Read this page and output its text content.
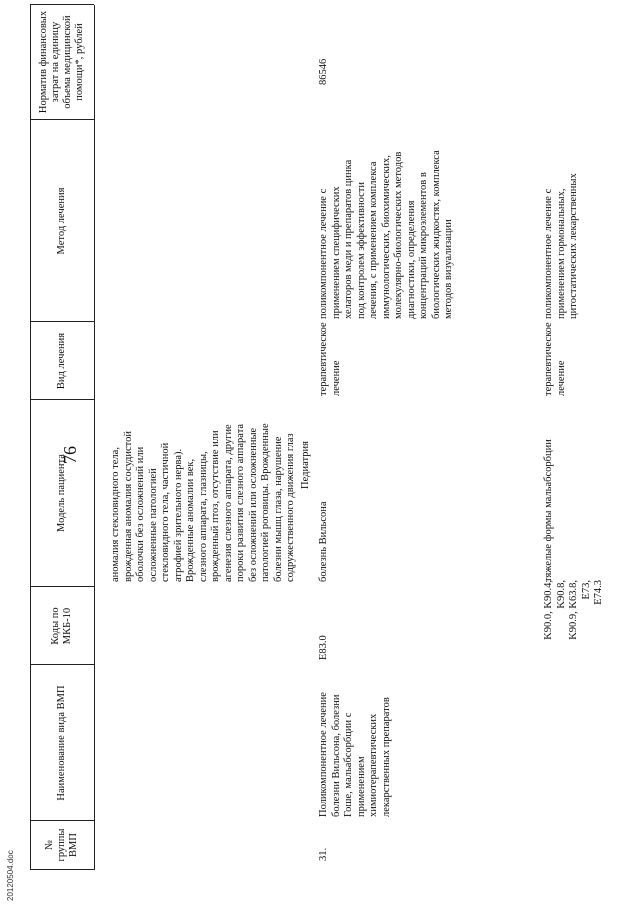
76
20120504.doc
№ группы ВМП
Наименование вида ВМП
Коды по МКБ-10
Модель пациента
Вид лечения
Метод лечения
Норматив финансовых затрат на единицу объема медицинской помощи*, рублей

аномалия стекловидного тела, врожденная аномалия сосудистой оболочки без осложнений или осложненные патологией стекловидного тела, частичной атрофией зрительного нерва). Врожденные аномалии век, слезного аппарата, глазницы, врожденный птоз, отсутствие или агенезия слезного аппарата, другие пороки развития слезного аппарата без осложнений или осложненные патологией роговицы. Врожденные болезни мышц глаза, нарушение содружественного движения глаз Педиатрия
31.

Поликомпонентное лечение болезни Вильсона, болезни Гоше, мальабсорбции с применением химиотерапевтических лекарственных препаратов

E83.0
болезнь Вильсона

терапевтическое лечение

поликомпонентное лечение с применением специфических хелаторов меди и препаратов цинка под контролем эффективности лечения, с применением комплекса иммунологических, биохимических, молекулярно-биологических методов диагностики, определения концентраций микроэлементов в биологических жидкостях, комплекса методов визуализации

86546

K90.0, K90.4, K90.8, K90.9, K63.8, E73, E74.3

тяжелые формы мальабсорбции

терапевтическое лечение

поликомпонентное лечение с применением гормональных, цитостатических лекарственных
